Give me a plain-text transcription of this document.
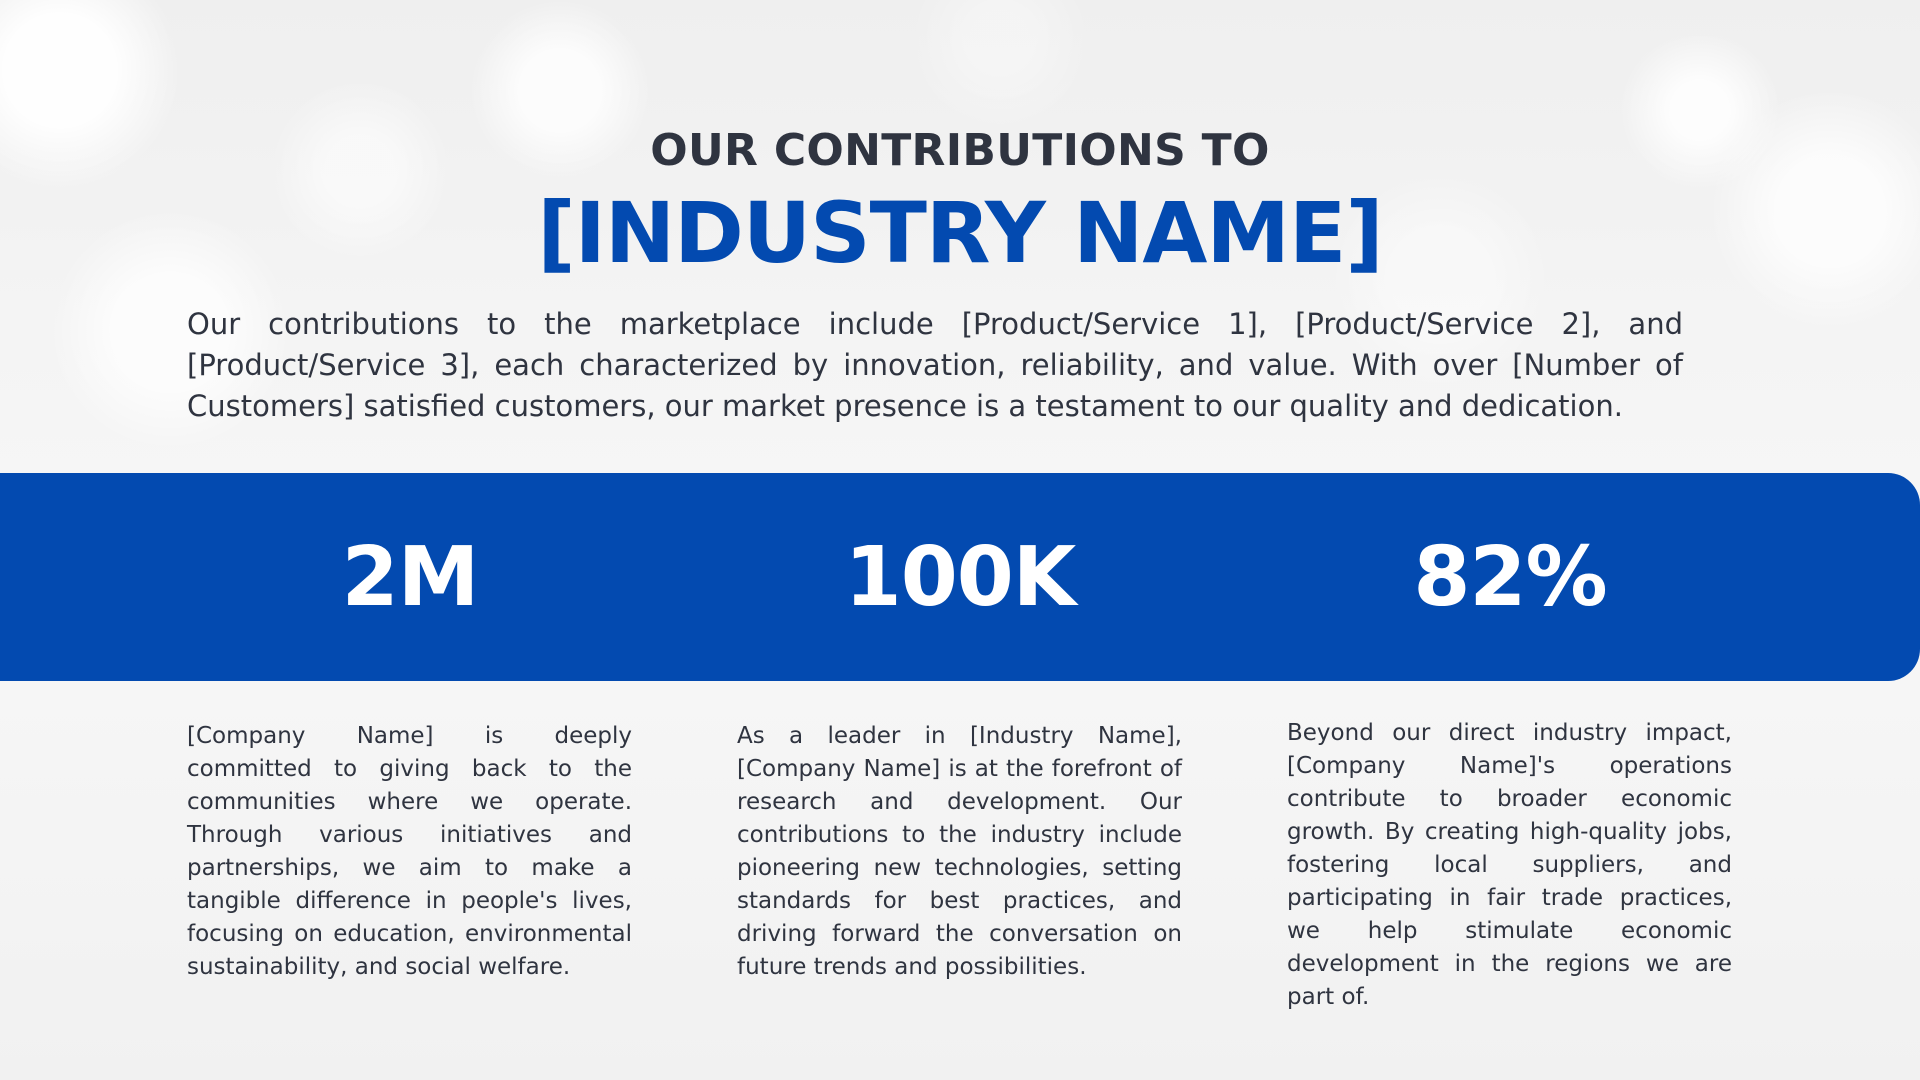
OUR CONTRIBUTIONS TO
[INDUSTRY NAME]

Our contributions to the marketplace include [Product/Service 1], [Product/Service 2], and [Product/Service 3], each characterized by innovation, reliability, and value. With over [Number of Customers] satisfied customers, our market presence is a testament to our quality and dedication.

2M	100K	82%

[Company Name] is deeply committed to giving back to the communities where we operate. Through various initiatives and partnerships, we aim to make a tangible difference in people's lives, focusing on education, environmental sustainability, and social welfare.

As a leader in [Industry Name], [Company Name] is at the forefront of research and development. Our contributions to the industry include pioneering new technologies, setting standards for best practices, and driving forward the conversation on future trends and possibilities.

Beyond our direct industry impact, [Company Name]'s operations contribute to broader economic growth. By creating high-quality jobs, fostering local suppliers, and participating in fair trade practices, we help stimulate economic development in the regions we are part of.
